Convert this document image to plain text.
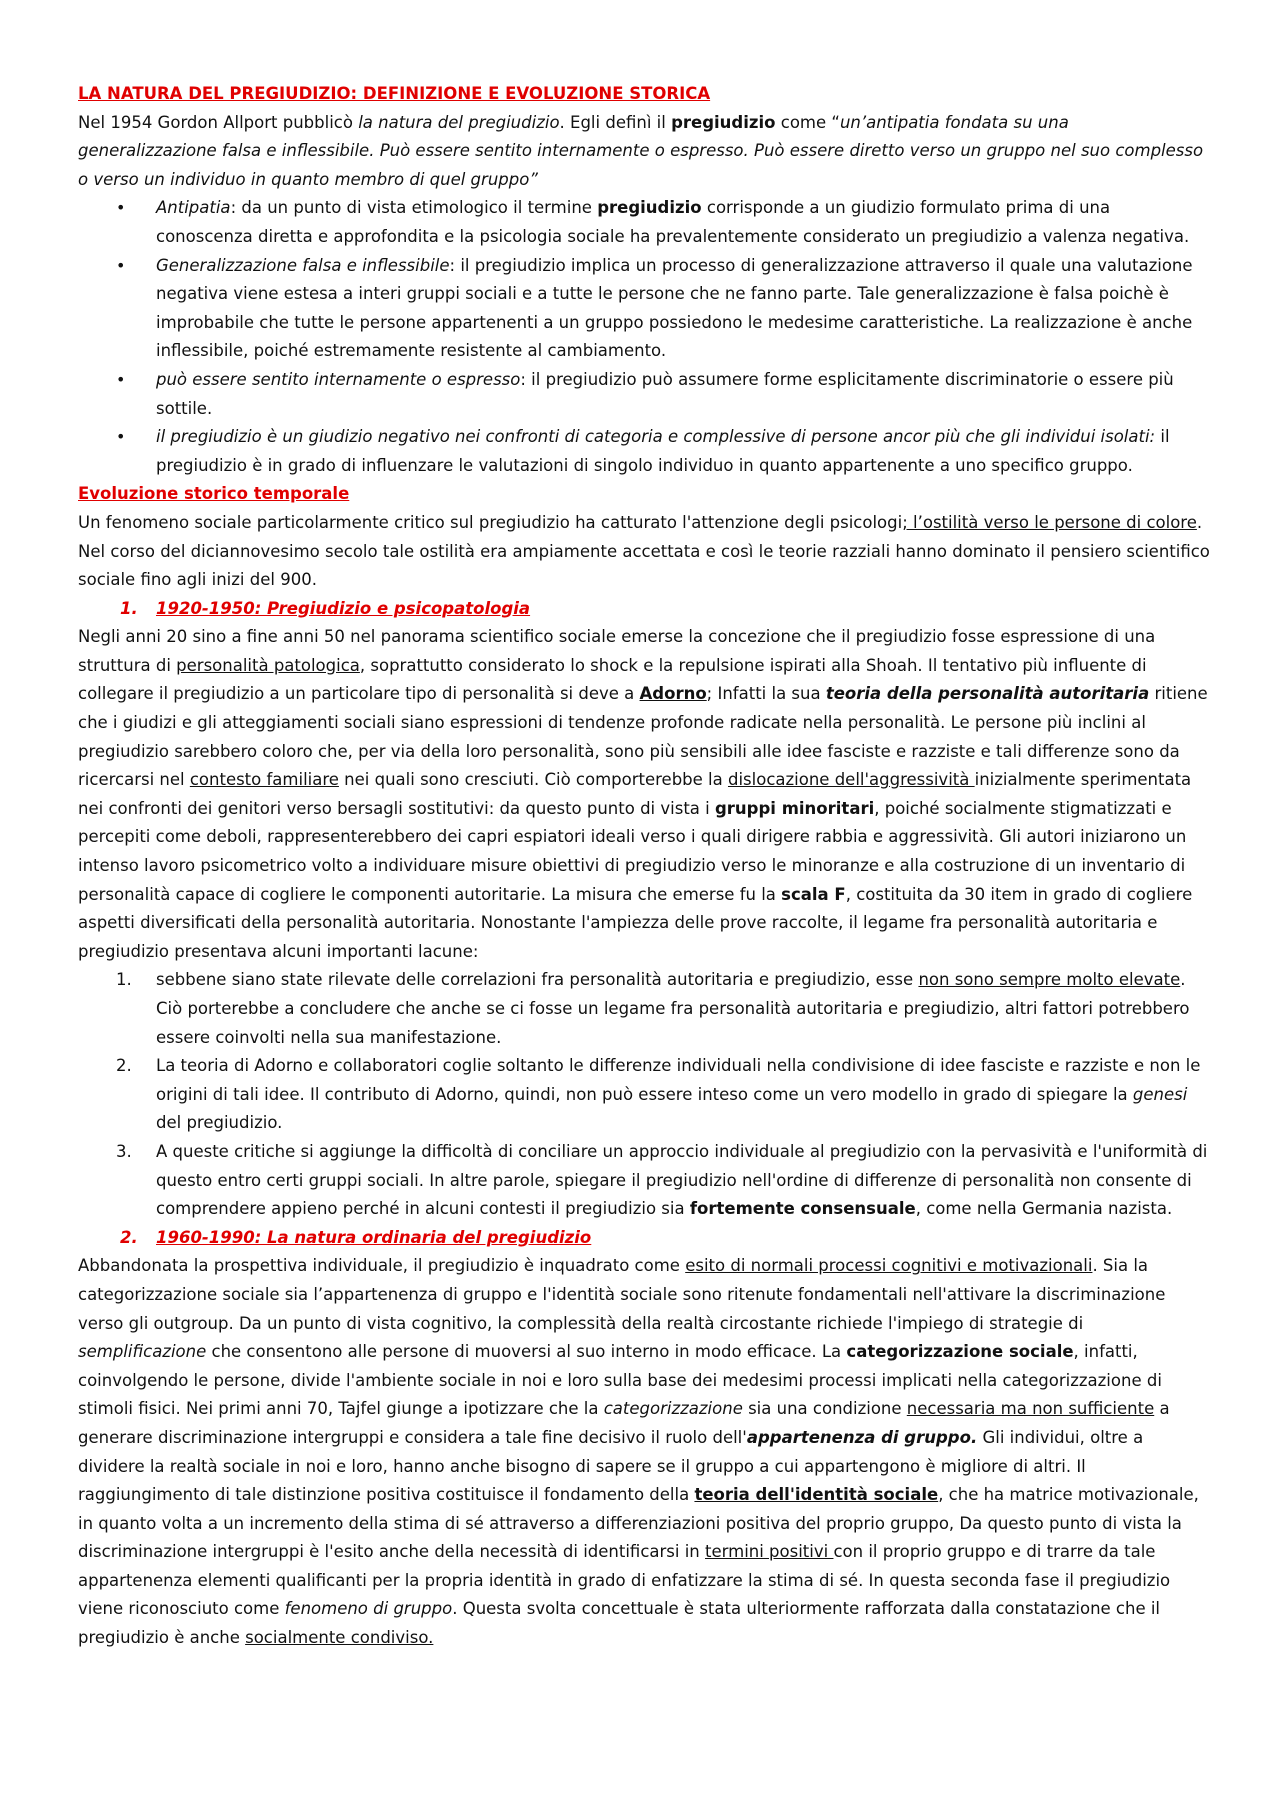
LA NATURA DEL PREGIUDIZIO: DEFINIZIONE E EVOLUZIONE STORICA

Nel 1954 Gordon Allport pubblicò la natura del pregiudizio. Egli definì il pregiudizio come “un’antipatia fondata su una generalizzazione falsa e inflessibile. Può essere sentito internamente o espresso. Può essere diretto verso un gruppo nel suo complesso o verso un individuo in quanto membro di quel gruppo”

• Antipatia: da un punto di vista etimologico il termine pregiudizio corrisponde a un giudizio formulato prima di una conoscenza diretta e approfondita e la psicologia sociale ha prevalentemente considerato un pregiudizio a valenza negativa.
• Generalizzazione falsa e inflessibile: il pregiudizio implica un processo di generalizzazione attraverso il quale una valutazione negativa viene estesa a interi gruppi sociali e a tutte le persone che ne fanno parte. Tale generalizzazione è falsa poichè è improbabile che tutte le persone appartenenti a un gruppo possiedono le medesime caratteristiche. La realizzazione è anche inflessibile, poiché estremamente resistente al cambiamento.
• può essere sentito internamente o espresso: il pregiudizio può assumere forme esplicitamente discriminatorie o essere più sottile.
• il pregiudizio è un giudizio negativo nei confronti di categoria e complessive di persone ancor più che gli individui isolati: il pregiudizio è in grado di influenzare le valutazioni di singolo individuo in quanto appartenente a uno specifico gruppo.

Evoluzione storico temporale

Un fenomeno sociale particolarmente critico sul pregiudizio ha catturato l'attenzione degli psicologi; l’ostilità verso le persone di colore. Nel corso del diciannovesimo secolo tale ostilità era ampiamente accettata e così le teorie razziali hanno dominato il pensiero scientifico sociale fino agli inizi del 900.

1. 1920-1950: Pregiudizio e psicopatologia

Negli anni 20 sino a fine anni 50 nel panorama scientifico sociale emerse la concezione che il pregiudizio fosse espressione di una struttura di personalità patologica, soprattutto considerato lo shock e la repulsione ispirati alla Shoah. Il tentativo più influente di collegare il pregiudizio a un particolare tipo di personalità si deve a Adorno; Infatti la sua teoria della personalità autoritaria ritiene che i giudizi e gli atteggiamenti sociali siano espressioni di tendenze profonde radicate nella personalità. Le persone più inclini al pregiudizio sarebbero coloro che, per via della loro personalità, sono più sensibili alle idee fasciste e razziste e tali differenze sono da ricercarsi nel contesto familiare nei quali sono cresciuti. Ciò comporterebbe la dislocazione dell'aggressività inizialmente sperimentata nei confronti dei genitori verso bersagli sostitutivi: da questo punto di vista i gruppi minoritari, poiché socialmente stigmatizzati e percepiti come deboli, rappresenterebbero dei capri espiatori ideali verso i quali dirigere rabbia e aggressività. Gli autori iniziarono un intenso lavoro psicometrico volto a individuare misure obiettivi di pregiudizio verso le minoranze e alla costruzione di un inventario di personalità capace di cogliere le componenti autoritarie. La misura che emerse fu la scala F, costituita da 30 item in grado di cogliere aspetti diversificati della personalità autoritaria. Nonostante l'ampiezza delle prove raccolte, il legame fra personalità autoritaria e pregiudizio presentava alcuni importanti lacune:

1. sebbene siano state rilevate delle correlazioni fra personalità autoritaria e pregiudizio, esse non sono sempre molto elevate. Ciò porterebbe a concludere che anche se ci fosse un legame fra personalità autoritaria e pregiudizio, altri fattori potrebbero essere coinvolti nella sua manifestazione.
2. La teoria di Adorno e collaboratori coglie soltanto le differenze individuali nella condivisione di idee fasciste e razziste e non le origini di tali idee. Il contributo di Adorno, quindi, non può essere inteso come un vero modello in grado di spiegare la genesi del pregiudizio.
3. A queste critiche si aggiunge la difficoltà di conciliare un approccio individuale al pregiudizio con la pervasività e l'uniformità di questo entro certi gruppi sociali. In altre parole, spiegare il pregiudizio nell'ordine di differenze di personalità non consente di comprendere appieno perché in alcuni contesti il pregiudizio sia fortemente consensuale, come nella Germania nazista.
2. 1960-1990: La natura ordinaria del pregiudizio

Abbandonata la prospettiva individuale, il pregiudizio è inquadrato come esito di normali processi cognitivi e motivazionali. Sia la categorizzazione sociale sia l’appartenenza di gruppo e l'identità sociale sono ritenute fondamentali nell'attivare la discriminazione verso gli outgroup. Da un punto di vista cognitivo, la complessità della realtà circostante richiede l'impiego di strategie di semplificazione che consentono alle persone di muoversi al suo interno in modo efficace. La categorizzazione sociale, infatti, coinvolgendo le persone, divide l'ambiente sociale in noi e loro sulla base dei medesimi processi implicati nella categorizzazione di stimoli fisici. Nei primi anni 70, Tajfel giunge a ipotizzare che la categorizzazione sia una condizione necessaria ma non sufficiente a generare discriminazione intergruppi e considera a tale fine decisivo il ruolo dell'appartenenza di gruppo. Gli individui, oltre a dividere la realtà sociale in noi e loro, hanno anche bisogno di sapere se il gruppo a cui appartengono è migliore di altri. Il raggiungimento di tale distinzione positiva costituisce il fondamento della teoria dell'identità sociale, che ha matrice motivazionale, in quanto volta a un incremento della stima di sé attraverso a differenziazioni positiva del proprio gruppo, Da questo punto di vista la discriminazione intergruppi è l'esito anche della necessità di identificarsi in termini positivi con il proprio gruppo e di trarre da tale appartenenza elementi qualificanti per la propria identità in grado di enfatizzare la stima di sé. In questa seconda fase il pregiudizio viene riconosciuto come fenomeno di gruppo. Questa svolta concettuale è stata ulteriormente rafforzata dalla constatazione che il pregiudizio è anche socialmente condiviso.
